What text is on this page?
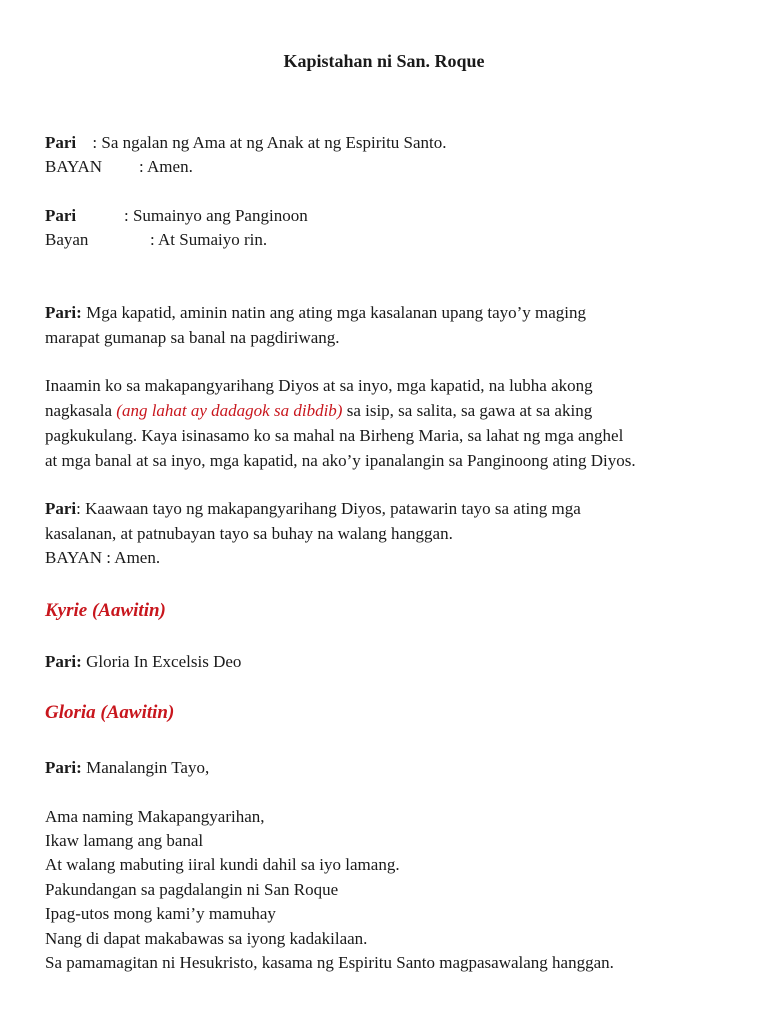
Kapistahan ni San. Roque
Pari : Sa ngalan ng Ama at ng Anak at ng Espiritu Santo.
BAYAN : Amen.
Pari	: Sumainyo ang Panginoon
Bayan	: At Sumaiyo rin.
Pari: Mga kapatid, aminin natin ang ating mga kasalanan upang tayo’y maging
marapat gumanap sa banal na pagdiriwang.
Inaamin ko sa makapangyarihang Diyos at sa inyo, mga kapatid, na lubha akong
nagkasala (ang lahat ay dadagok sa dibdib) sa isip, sa salita, sa gawa at sa aking
pagkukulang. Kaya isinasamo ko sa mahal na Birheng Maria, sa lahat ng mga anghel
at mga banal at sa inyo, mga kapatid, na ako’y ipanalangin sa Panginoong ating Diyos.
Pari: Kaawaan tayo ng makapangyarihang Diyos, patawarin tayo sa ating mga
kasalanan, at patnubayan tayo sa buhay na walang hanggan.
BAYAN : Amen.
Kyrie (Aawitin)
Pari: Gloria In Excelsis Deo
Gloria (Aawitin)
Pari: Manalangin Tayo,
Ama naming Makapangyarihan,
Ikaw lamang ang banal
At walang mabuting iiral kundi dahil sa iyo lamang.
Pakundangan sa pagdalangin ni San Roque
Ipag-utos mong kami’y mamuhay
Nang di dapat makabawas sa iyong kadakilaan.
Sa pamamagitan ni Hesukristo, kasama ng Espiritu Santo magpasawalang hanggan.
